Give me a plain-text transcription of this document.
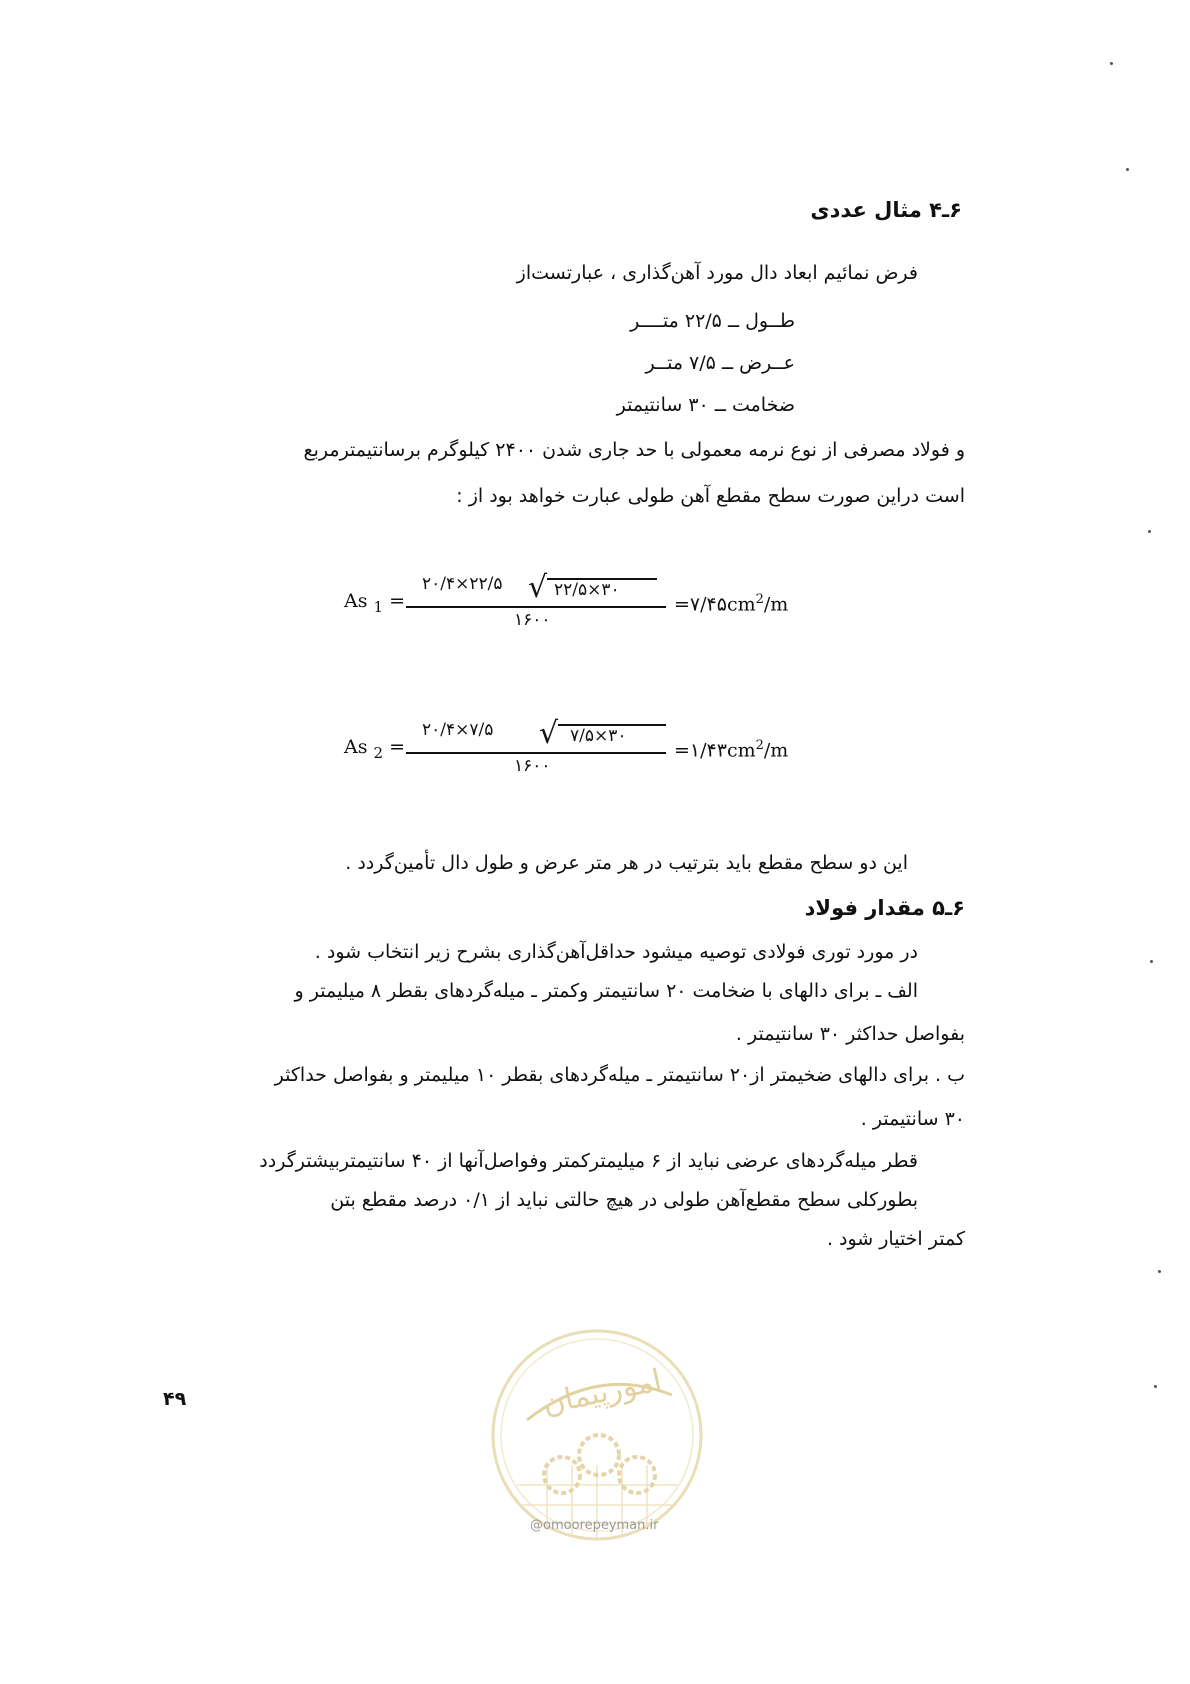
۶ـ۴ مثال عددی
فرض نمائیم ابعاد دال مورد آهن‌گذاری ، عبارتست‌از
طــول ــ ۲۲/۵ متــــر
عــرض ــ ۷/۵ متــر
ضخامت ــ ۳۰ سانتیمتر
و فولاد مصرفی از نوع نرمه معمولی با حد جاری شدن ۲۴۰۰ کیلوگرم برسانتیمترمربع
است دراین صورت سطح مقطع آهن طولی عبارت خواهد بود از :
As $_1$ =
۲۰/۴×۲۲/۵ √ ۲۲/۵×۳۰
۱۶۰۰
$=۷/۴۵cm^2/m$
As $_2$ =
۲۰/۴×۷/۵ √ ۷/۵×۳۰
۱۶۰۰
$=۱/۴۳cm^2/m$
این دو سطح مقطع باید بترتیب در هر متر عرض و طول دال تأمین‌گردد .
۶ـ۵ مقدار فولاد
در مورد توری فولادی توصیه میشود حداقل‌آهن‌گذاری بشرح زیر انتخاب شود .
الف ـ برای دالهای با ضخامت ۲۰ سانتیمتر وکمتر ـ میله‌گردهای بقطر ۸ میلیمتر و
بفواصل حداکثر ۳۰ سانتیمتر .
ب . برای دالهای ضخیمتر از۲۰ سانتیمتر ـ میله‌گردهای بقطر ۱۰ میلیمتر و بفواصل حداکثر
۳۰ سانتیمتر .
قطر میله‌گردهای عرضی نباید از ۶ میلیمترکمتر وفواصل‌آنها از ۴۰ سانتیمتربیشترگردد
بطورکلی سطح مقطع‌آهن طولی در هیچ حالتی نباید از ۰/۱ درصد مقطع بتن
کمتر اختیار شود .
۴۹	امورپیمان
@omoorepeyman.ir
